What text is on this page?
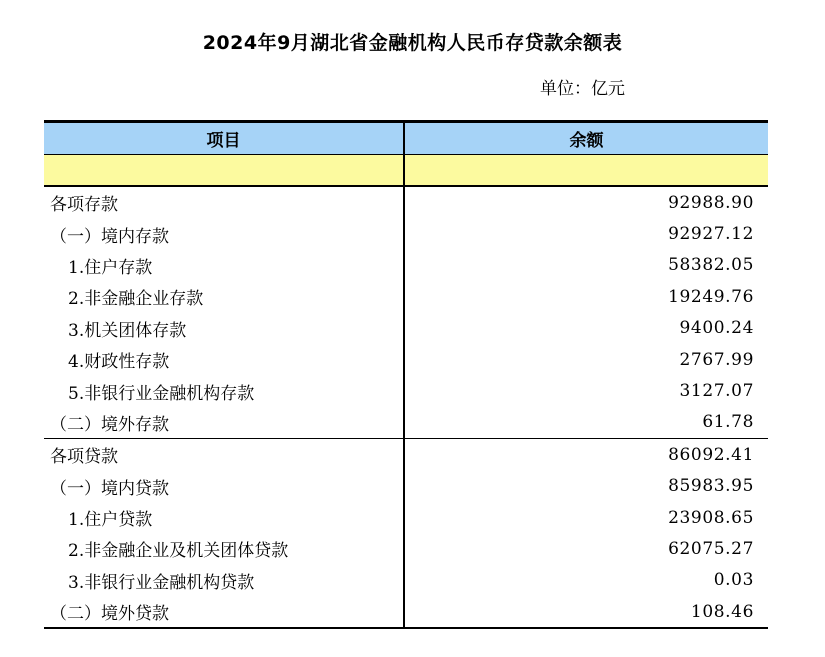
2024年9月湖北省金融机构人民币存贷款余额表
单位：亿元
项目	余额
各项存款	92988.90
（一）境内存款	92927.12
1.住户存款	58382.05
2.非金融企业存款	19249.76
3.机关团体存款	9400.24
4.财政性存款	2767.99
5.非银行业金融机构存款	3127.07
（二）境外存款	61.78
各项贷款	86092.41
（一）境内贷款	85983.95
1.住户贷款	23908.65
2.非金融企业及机关团体贷款	62075.27
3.非银行业金融机构贷款	0.03
（二）境外贷款	108.46
